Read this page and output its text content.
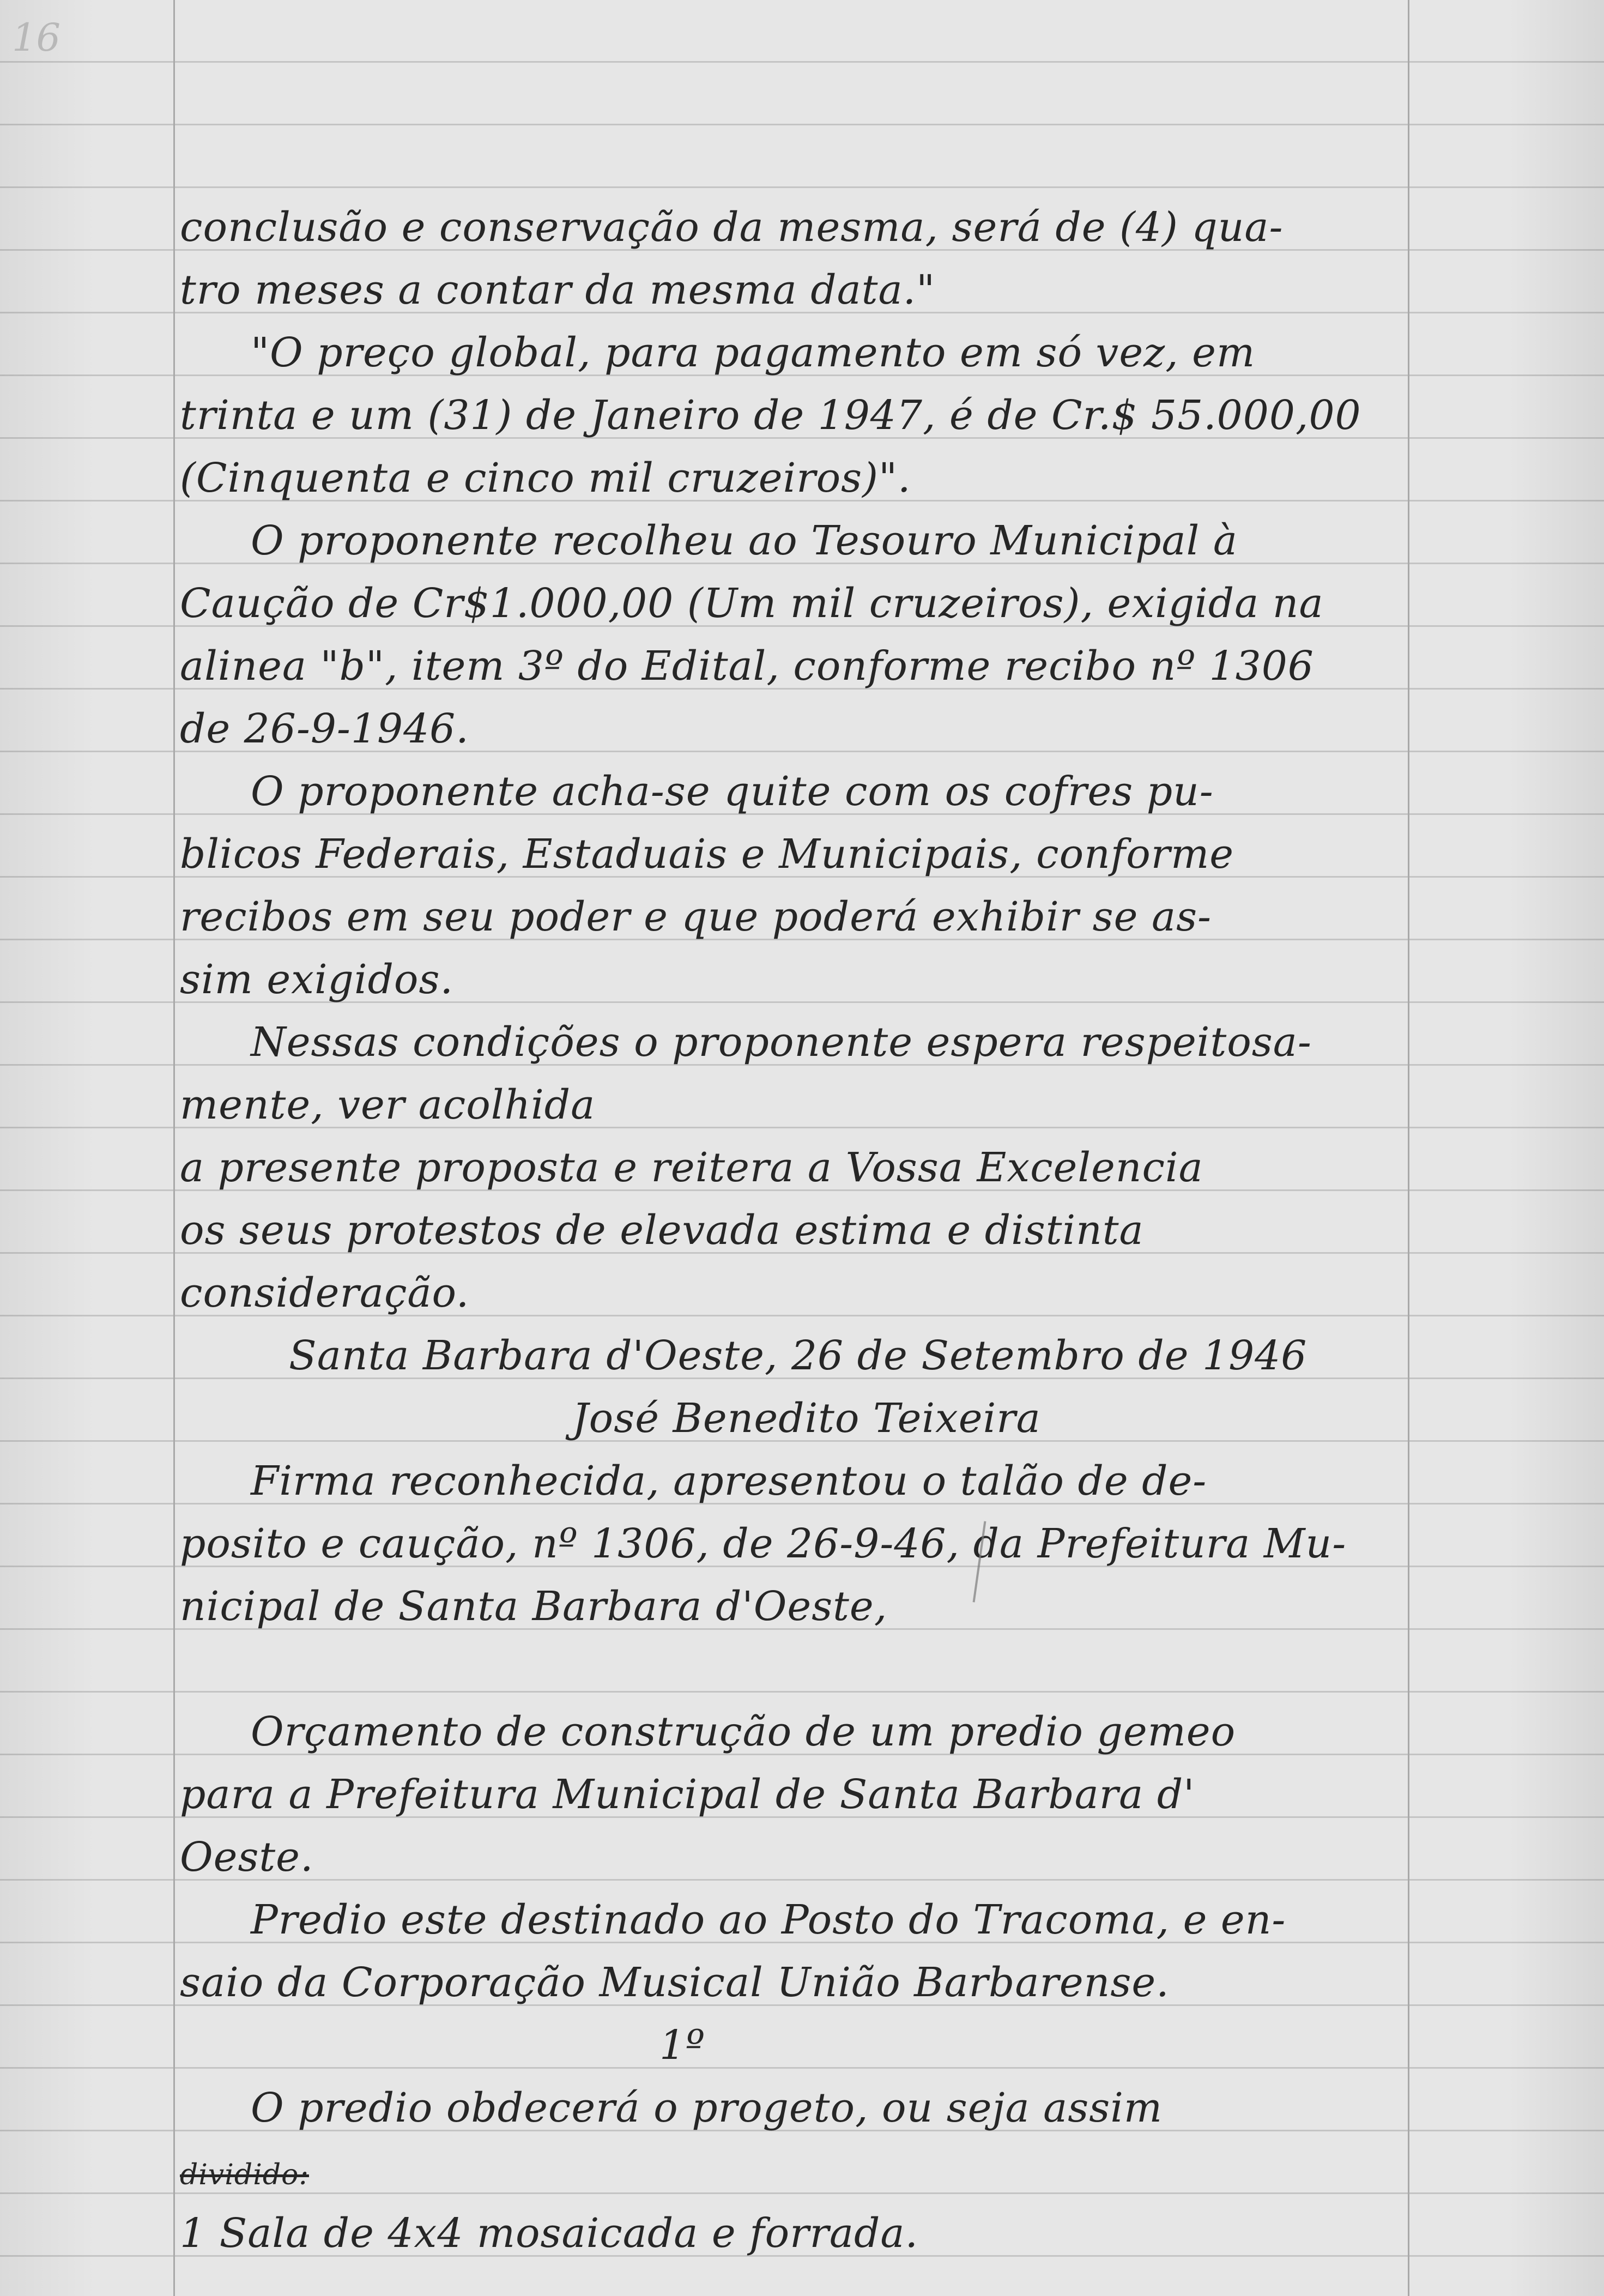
16
conclusão e conservação da mesma, será de (4) qua-
tro meses a contar da mesma data."
"O preço global, para pagamento em só vez, em
trinta e um (31) de Janeiro de 1947, é de Cr.$ 55.000,00
(Cinquenta e cinco mil cruzeiros)".
O proponente recolheu ao Tesouro Municipal à
Caução de Cr$1.000,00 (Um mil cruzeiros), exigida na
alinea "b", item 3º do Edital, conforme recibo nº 1306
de 26-9-1946.
O proponente acha-se quite com os cofres pu-
blicos Federais, Estaduais e Municipais, conforme
recibos em seu poder e que poderá exhibir se as-
sim exigidos.
Nessas condições o proponente espera respeitosa-
mente, ver acolhida
a presente proposta e reitera a Vossa Excelencia
os seus protestos de elevada estima e distinta
consideração.
Santa Barbara d'Oeste, 26 de Setembro de 1946
José Benedito Teixeira
Firma reconhecida, apresentou o talão de de-
posito e caução, nº 1306, de 26-9-46, da Prefeitura Mu-
nicipal de Santa Barbara d'Oeste,
Orçamento de construção de um predio gemeo
para a Prefeitura Municipal de Santa Barbara d'
Oeste.
Predio este destinado ao Posto do Tracoma, e en-
saio da Corporação Musical União Barbarense.
1º
O predio obdecerá o progeto, ou seja assim
dividido:
1 Sala de 4x4 mosaicada e forrada.
